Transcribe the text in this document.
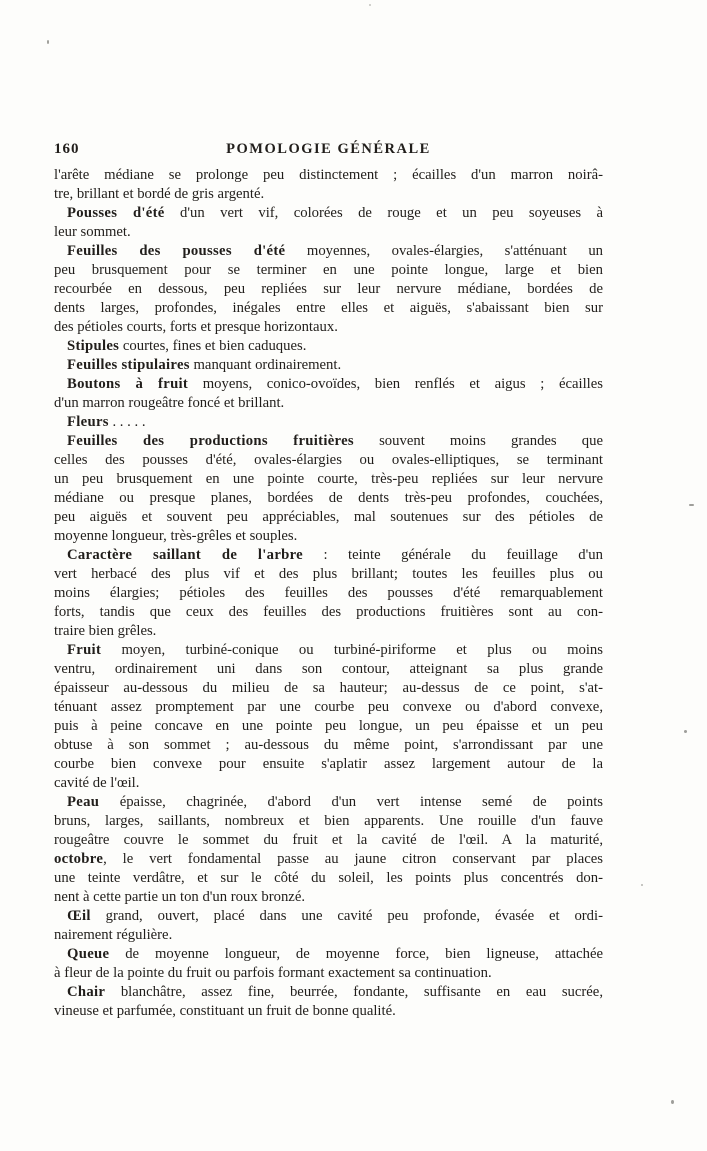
160	POMOLOGIE GÉNÉRALE
l'arête médiane se prolonge peu distinctement ; écailles d'un marron noirâ-
tre, brillant et bordé de gris argenté.
Pousses d'été d'un vert vif, colorées de rouge et un peu soyeuses à
leur sommet.
Feuilles des pousses d'été moyennes, ovales-élargies, s'atténuant un
peu brusquement pour se terminer en une pointe longue, large et bien
recourbée en dessous, peu repliées sur leur nervure médiane, bordées de
dents larges, profondes, inégales entre elles et aiguës, s'abaissant bien sur
des pétioles courts, forts et presque horizontaux.
Stipules courtes, fines et bien caduques.
Feuilles stipulaires manquant ordinairement.
Boutons à fruit moyens, conico-ovoïdes, bien renflés et aigus ; écailles
d'un marron rougeâtre foncé et brillant.
Fleurs . . . . .
Feuilles des productions fruitières souvent moins grandes que
celles des pousses d'été, ovales-élargies ou ovales-elliptiques, se terminant
un peu brusquement en une pointe courte, très-peu repliées sur leur nervure
médiane ou presque planes, bordées de dents très-peu profondes, couchées,
peu aiguës et souvent peu appréciables, mal soutenues sur des pétioles de
moyenne longueur, très-grêles et souples.
Caractère saillant de l'arbre : teinte générale du feuillage d'un
vert herbacé des plus vif et des plus brillant; toutes les feuilles plus ou
moins élargies; pétioles des feuilles des pousses d'été remarquablement
forts, tandis que ceux des feuilles des productions fruitières sont au con-
traire bien grêles.
Fruit moyen, turbiné-conique ou turbiné-piriforme et plus ou moins
ventru, ordinairement uni dans son contour, atteignant sa plus grande
épaisseur au-dessous du milieu de sa hauteur; au-dessus de ce point, s'at-
ténuant assez promptement par une courbe peu convexe ou d'abord convexe,
puis à peine concave en une pointe peu longue, un peu épaisse et un peu
obtuse à son sommet ; au-dessous du même point, s'arrondissant par une
courbe bien convexe pour ensuite s'aplatir assez largement autour de la
cavité de l'œil.
Peau épaisse, chagrinée, d'abord d'un vert intense semé de points
bruns, larges, saillants, nombreux et bien apparents. Une rouille d'un fauve
rougeâtre couvre le sommet du fruit et la cavité de l'œil. A la maturité,
octobre, le vert fondamental passe au jaune citron conservant par places
une teinte verdâtre, et sur le côté du soleil, les points plus concentrés don-
nent à cette partie un ton d'un roux bronzé.
Œil grand, ouvert, placé dans une cavité peu profonde, évasée et ordi-
nairement régulière.
Queue de moyenne longueur, de moyenne force, bien ligneuse, attachée
à fleur de la pointe du fruit ou parfois formant exactement sa continuation.
Chair blanchâtre, assez fine, beurrée, fondante, suffisante en eau sucrée,
vineuse et parfumée, constituant un fruit de bonne qualité.
